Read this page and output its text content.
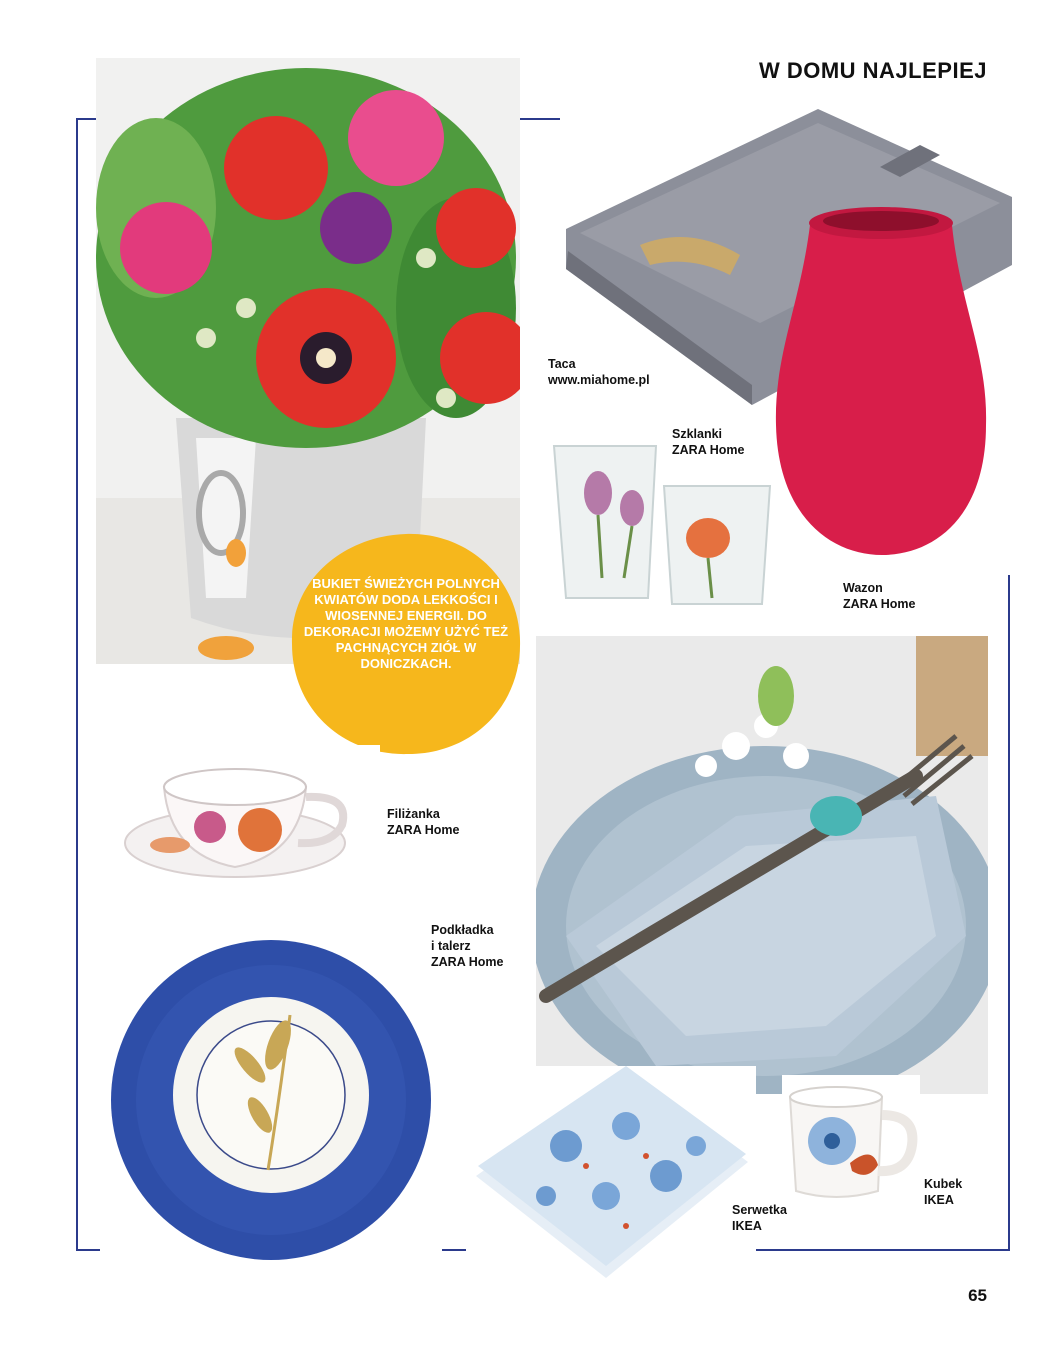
W DOMU NAJLEPIEJ
BUKIET ŚWIEŻYCH POLNYCH KWIATÓW DODA LEKKOŚCI I WIOSENNEJ ENERGII. DO DEKORACJI MOŻEMY UŻYĆ TEŻ PACHNĄCYCH ZIÓŁ W DONICZKACH.
Taca
www.miahome.pl
Szklanki
ZARA Home
Wazon
ZARA Home
Filiżanka
ZARA Home
Podkładka
i talerz
ZARA Home
Serwetka
IKEA
Kubek
IKEA
65
